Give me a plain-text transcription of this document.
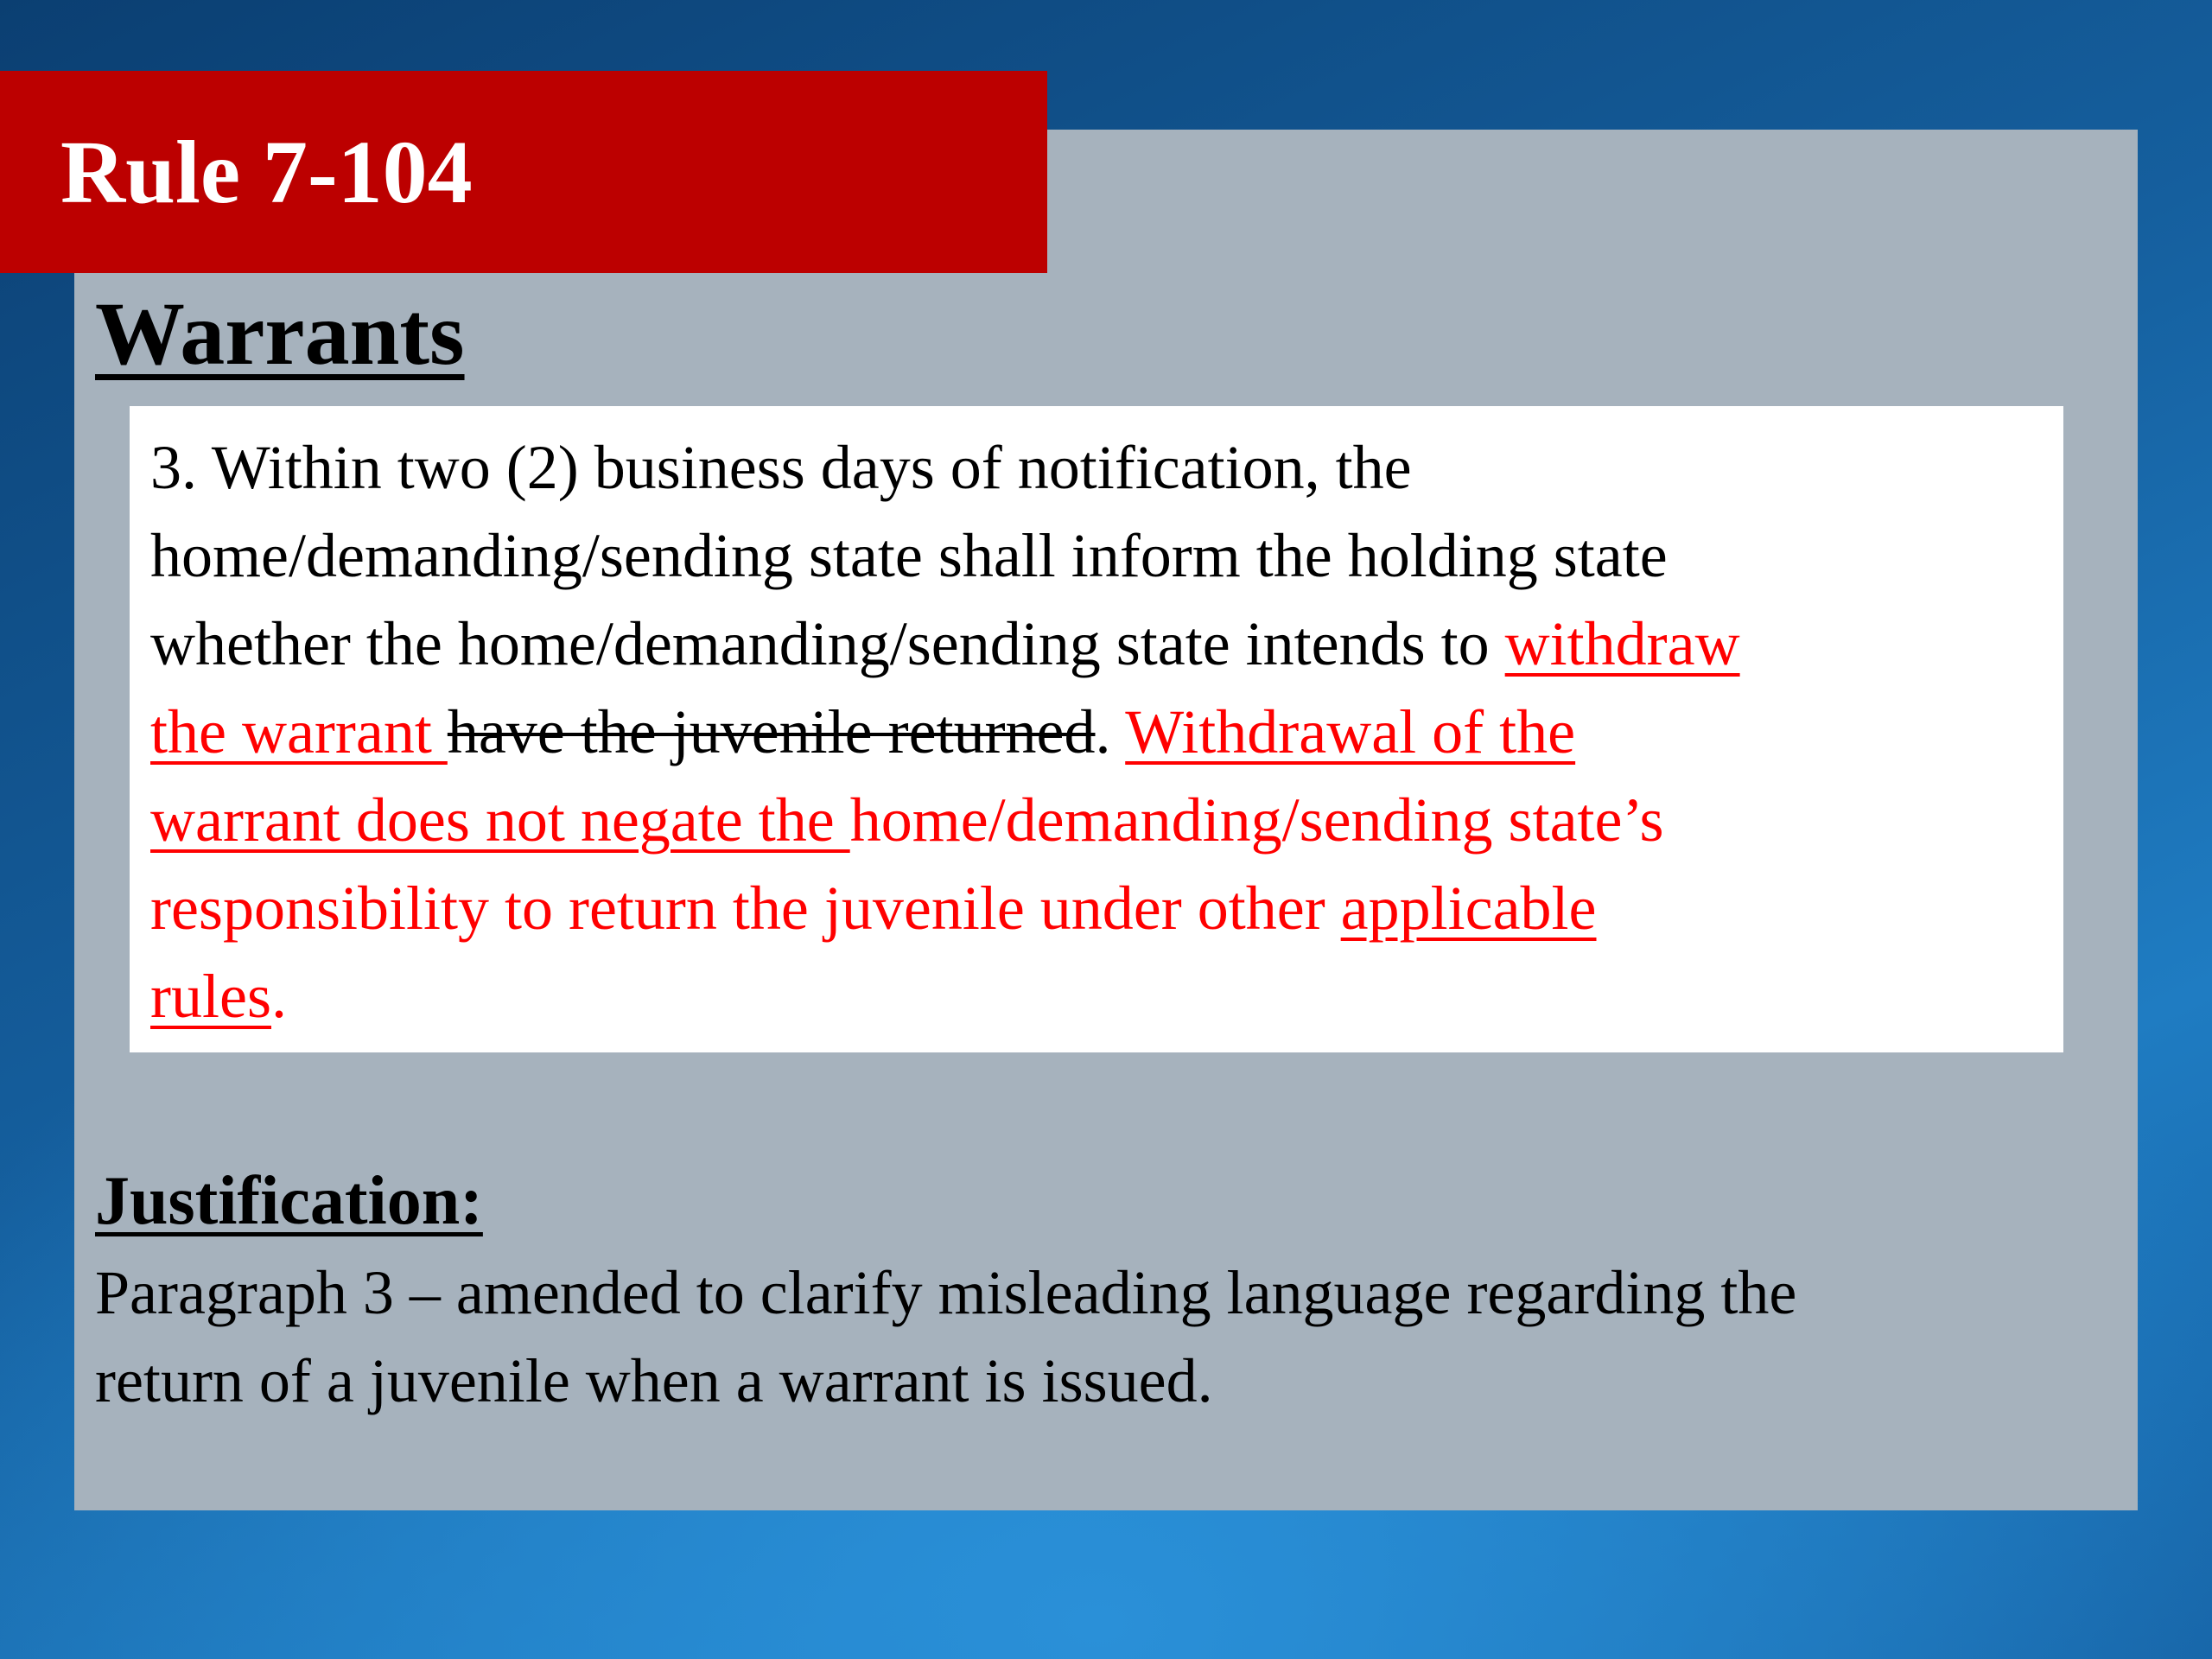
Rule 7-104
Warrants
3. Within two (2) business days of notification, the
home/demanding/sending state shall inform the holding state
whether the home/demanding/sending state intends to withdraw
the warrant have the juvenile returned. Withdrawal of the
warrant does not negate the home/demanding/sending state’s
responsibility to return the juvenile under other applicable
rules.
Justification:
Paragraph 3 – amended to clarify misleading language regarding the
return of a juvenile when a warrant is issued.
